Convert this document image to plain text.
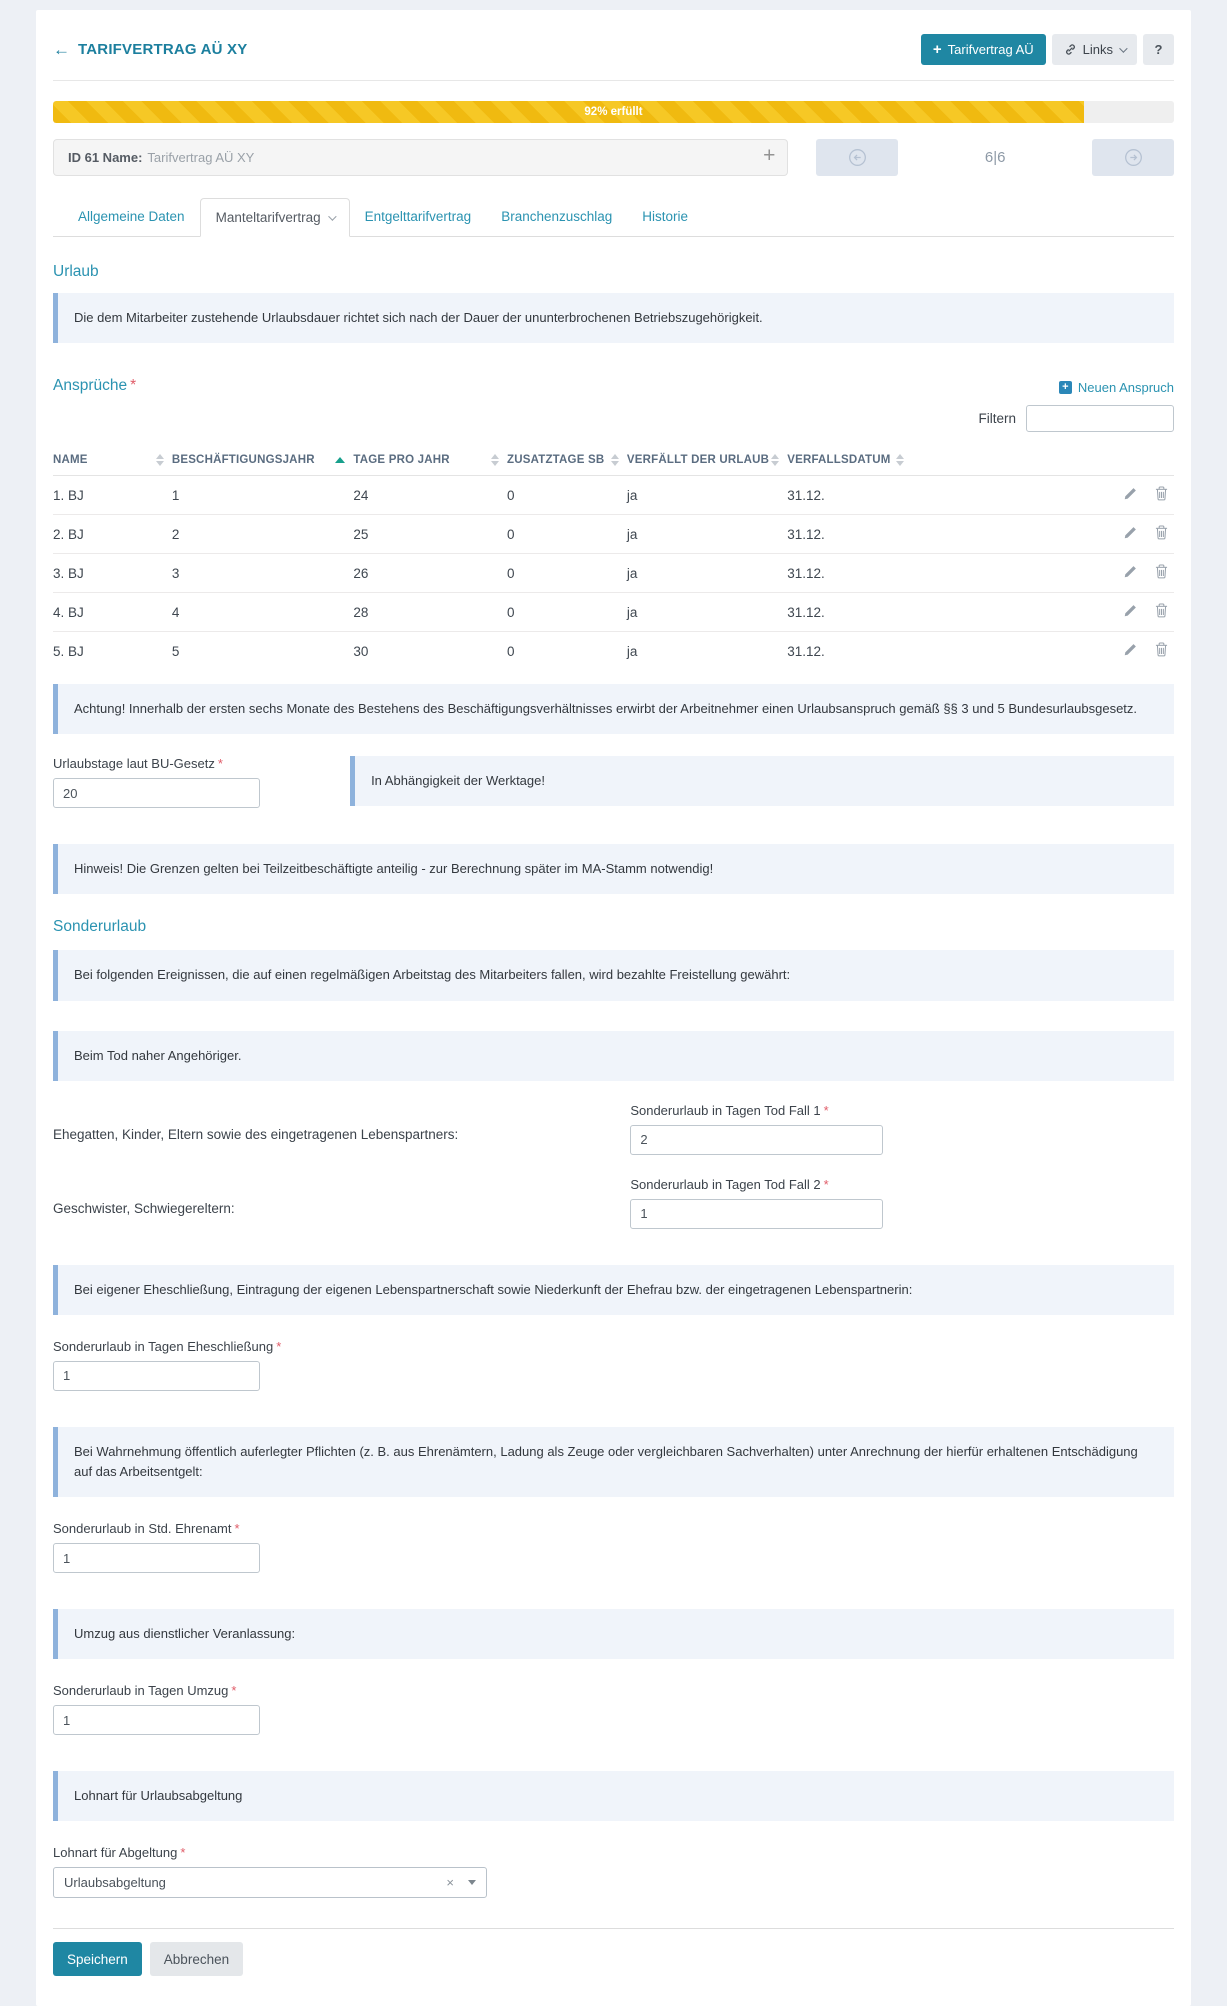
← TARIFVERTRAG AÜ XY	+ Tarifvertrag AÜ	Links	?
92% erfüllt
ID 61 Name: Tarifvertrag AÜ XY	+	6|6
Allgemeine Daten	Manteltarifvertrag	Entgelttarifvertrag	Branchenzuschlag	Historie
Urlaub
Die dem Mitarbeiter zustehende Urlaubsdauer richtet sich nach der Dauer der ununterbrochenen Betriebszugehörigkeit.
Ansprüche *	+ Neuen Anspruch
Filtern
NAME	BESCHÄFTIGUNGSJAHR	TAGE PRO JAHR	ZUSATZTAGE SB	VERFÄLLT DER URLAUB	VERFALLSDATUM	

1. BJ	1	24	0	ja	31.12.	
2. BJ	2	25	0	ja	31.12.	
3. BJ	3	26	0	ja	31.12.	
4. BJ	4	28	0	ja	31.12.	
5. BJ	5	30	0	ja	31.12.	
Achtung! Innerhalb der ersten sechs Monate des Bestehens des Beschäftigungsverhältnisses erwirbt der Arbeitnehmer einen Urlaubsanspruch gemäß §§ 3 und 5 Bundesurlaubsgesetz.
Urlaubstage laut BU-Gesetz *
20
In Abhängigkeit der Werktage!
Hinweis! Die Grenzen gelten bei Teilzeitbeschäftigte anteilig - zur Berechnung später im MA-Stamm notwendig!
Sonderurlaub
Bei folgenden Ereignissen, die auf einen regelmäßigen Arbeitstag des Mitarbeiters fallen, wird bezahlte Freistellung gewährt:
Beim Tod naher Angehöriger.
Ehegatten, Kinder, Eltern sowie des eingetragenen Lebenspartners:
Sonderurlaub in Tagen Tod Fall 1 *
2
Geschwister, Schwiegereltern:
Sonderurlaub in Tagen Tod Fall 2 *
1
Bei eigener Eheschließung, Eintragung der eigenen Lebenspartnerschaft sowie Niederkunft der Ehefrau bzw. der eingetragenen Lebenspartnerin:
Sonderurlaub in Tagen Eheschließung *
1
Bei Wahrnehmung öffentlich auferlegter Pflichten (z. B. aus Ehrenämtern, Ladung als Zeuge oder vergleichbaren Sachverhalten) unter Anrechnung der hierfür erhaltenen Entschädigung auf das Arbeitsentgelt:
Sonderurlaub in Std. Ehrenamt *
1
Umzug aus dienstlicher Veranlassung:
Sonderurlaub in Tagen Umzug *
1
Lohnart für Urlaubsabgeltung
Lohnart für Abgeltung *
Urlaubsabgeltung	×
Speichern	Abbrechen
